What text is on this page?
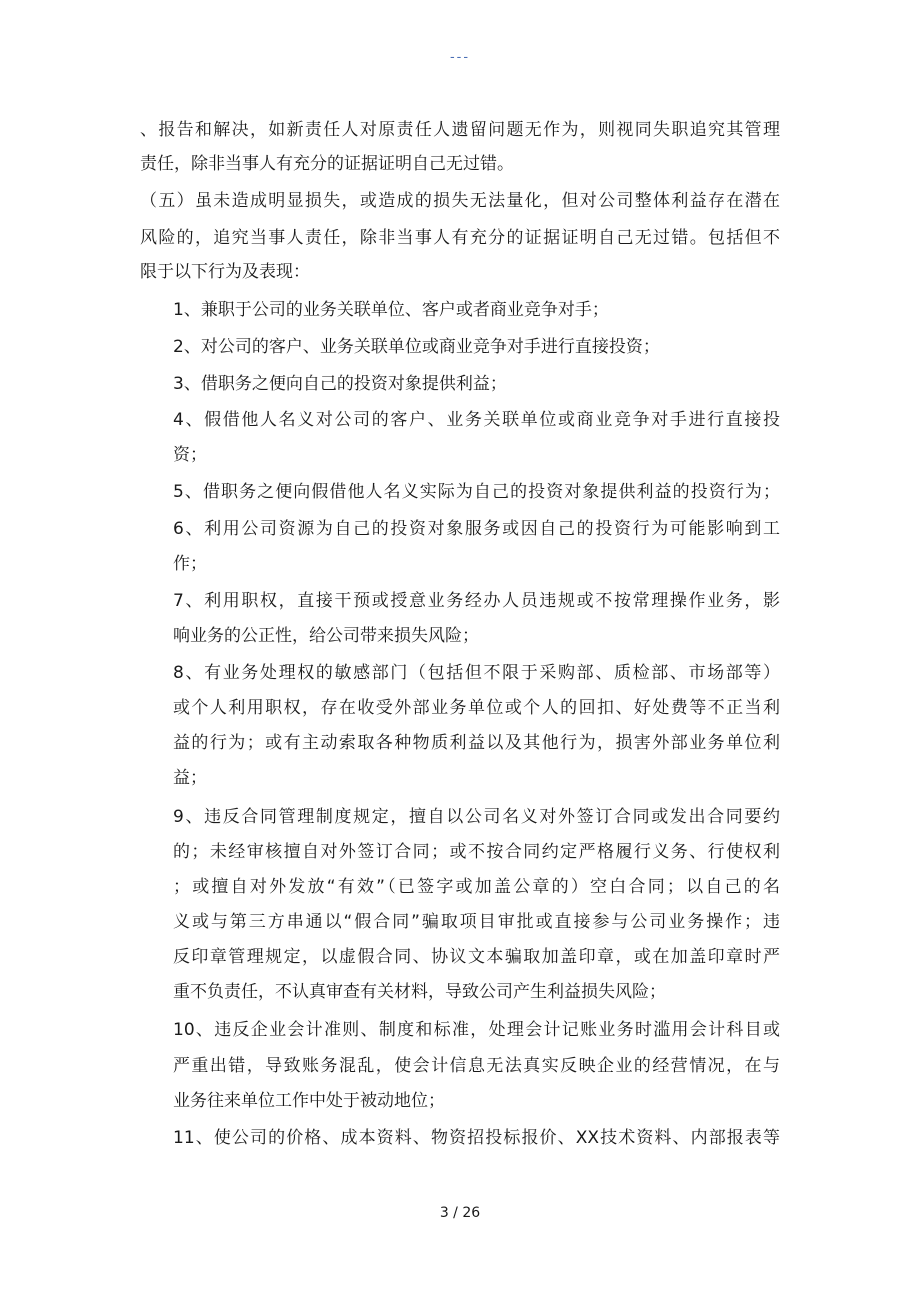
---
、报告和解决，如新责任人对原责任人遗留问题无作为，则视同失职追究其管理
责任，除非当事人有充分的证据证明自己无过错。
（五）虽未造成明显损失，或造成的损失无法量化，但对公司整体利益存在潜在
风险的，追究当事人责任，除非当事人有充分的证据证明自己无过错。包括但不
限于以下行为及表现：
1、兼职于公司的业务关联单位、客户或者商业竞争对手；
2、对公司的客户、业务关联单位或商业竞争对手进行直接投资；
3、借职务之便向自己的投资对象提供利益；
4、假借他人名义对公司的客户、业务关联单位或商业竞争对手进行直接投
资；
5、借职务之便向假借他人名义实际为自己的投资对象提供利益的投资行为；
6、利用公司资源为自己的投资对象服务或因自己的投资行为可能影响到工
作；
7、利用职权，直接干预或授意业务经办人员违规或不按常理操作业务，影
响业务的公正性，给公司带来损失风险；
8、有业务处理权的敏感部门（包括但不限于采购部、质检部、市场部等）
或个人利用职权，存在收受外部业务单位或个人的回扣、好处费等不正当利
益的行为；或有主动索取各种物质利益以及其他行为，损害外部业务单位利
益；
9、违反合同管理制度规定，擅自以公司名义对外签订合同或发出合同要约
的；未经审核擅自对外签订合同；或不按合同约定严格履行义务、行使权利
；或擅自对外发放“有效”（已签字或加盖公章的）空白合同；以自己的名
义或与第三方串通以“假合同”骗取项目审批或直接参与公司业务操作；违
反印章管理规定，以虚假合同、协议文本骗取加盖印章，或在加盖印章时严
重不负责任，不认真审查有关材料，导致公司产生利益损失风险；
10、违反企业会计准则、制度和标准，处理会计记账业务时滥用会计科目或
严重出错，导致账务混乱，使会计信息无法真实反映企业的经营情况，在与
业务往来单位工作中处于被动地位；
11、使公司的价格、成本资料、物资招投标报价、XX技术资料、内部报表等
3 / 26
